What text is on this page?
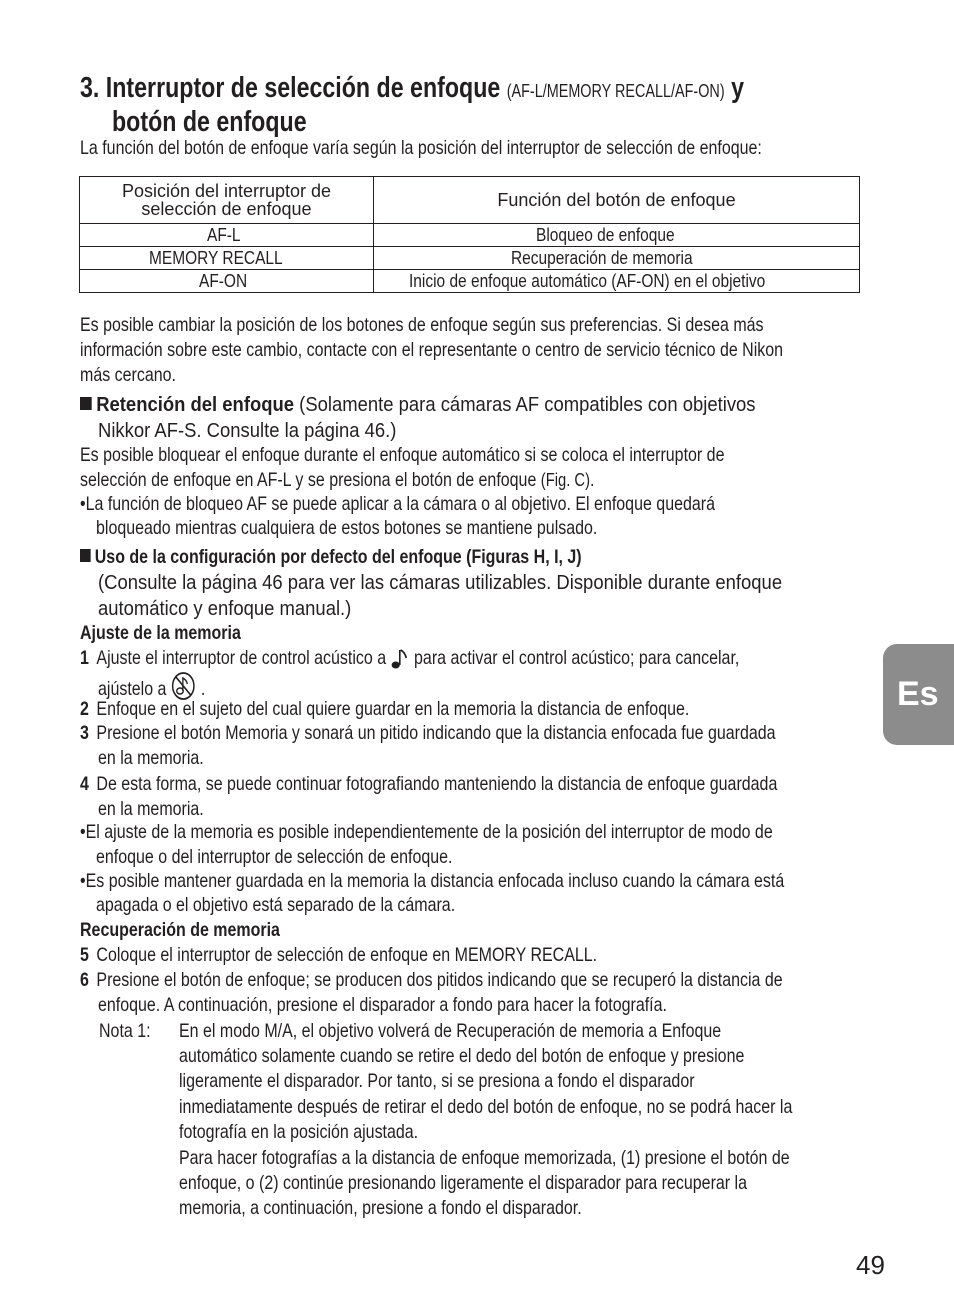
3. Interruptor de selección de enfoque (AF-L/MEMORY RECALL/AF-ON) y
botón de enfoque
La función del botón de enfoque varía según la posición del interruptor de selección de enfoque:
Posición del interruptor de
selección de enfoque	Función del botón de enfoque
AF-L	Bloqueo de enfoque
MEMORY RECALL	Recuperación de memoria
AF-ON	Inicio de enfoque automático (AF-ON) en el objetivo
Es posible cambiar la posición de los botones de enfoque según sus preferencias. Si desea más
información sobre este cambio, contacte con el representante o centro de servicio técnico de Nikon
más cercano.
Retención del enfoque (Solamente para cámaras AF compatibles con objetivos
Nikkor AF-S. Consulte la página 46.)
Es posible bloquear el enfoque durante el enfoque automático si se coloca el interruptor de
selección de enfoque en AF-L y se presiona el botón de enfoque (Fig. C).
•La función de bloqueo AF se puede aplicar a la cámara o al objetivo. El enfoque quedará
bloqueado mientras cualquiera de estos botones se mantiene pulsado.
Uso de la configuración por defecto del enfoque (Figuras H, I, J)
(Consulte la página 46 para ver las cámaras utilizables. Disponible durante enfoque
automático y enfoque manual.)
Ajuste de la memoria
1 Ajuste el interruptor de control acústico a para activar el control acústico; para cancelar,
ajústelo a .
2 Enfoque en el sujeto del cual quiere guardar en la memoria la distancia de enfoque.
3 Presione el botón Memoria y sonará un pitido indicando que la distancia enfocada fue guardada
en la memoria.
4 De esta forma, se puede continuar fotografiando manteniendo la distancia de enfoque guardada
en la memoria.
•El ajuste de la memoria es posible independientemente de la posición del interruptor de modo de
enfoque o del interruptor de selección de enfoque.
•Es posible mantener guardada en la memoria la distancia enfocada incluso cuando la cámara está
apagada o el objetivo está separado de la cámara.
Recuperación de memoria
5 Coloque el interruptor de selección de enfoque en MEMORY RECALL.
6 Presione el botón de enfoque; se producen dos pitidos indicando que se recuperó la distancia de
enfoque. A continuación, presione el disparador a fondo para hacer la fotografía.
Nota 1:	En el modo M/A, el objetivo volverá de Recuperación de memoria a Enfoque
automático solamente cuando se retire el dedo del botón de enfoque y presione
ligeramente el disparador. Por tanto, si se presiona a fondo el disparador
inmediatamente después de retirar el dedo del botón de enfoque, no se podrá hacer la
fotografía en la posición ajustada.
Para hacer fotografías a la distancia de enfoque memorizada, (1) presione el botón de
enfoque, o (2) continúe presionando ligeramente el disparador para recuperar la
memoria, a continuación, presione a fondo el disparador.
Es
49
